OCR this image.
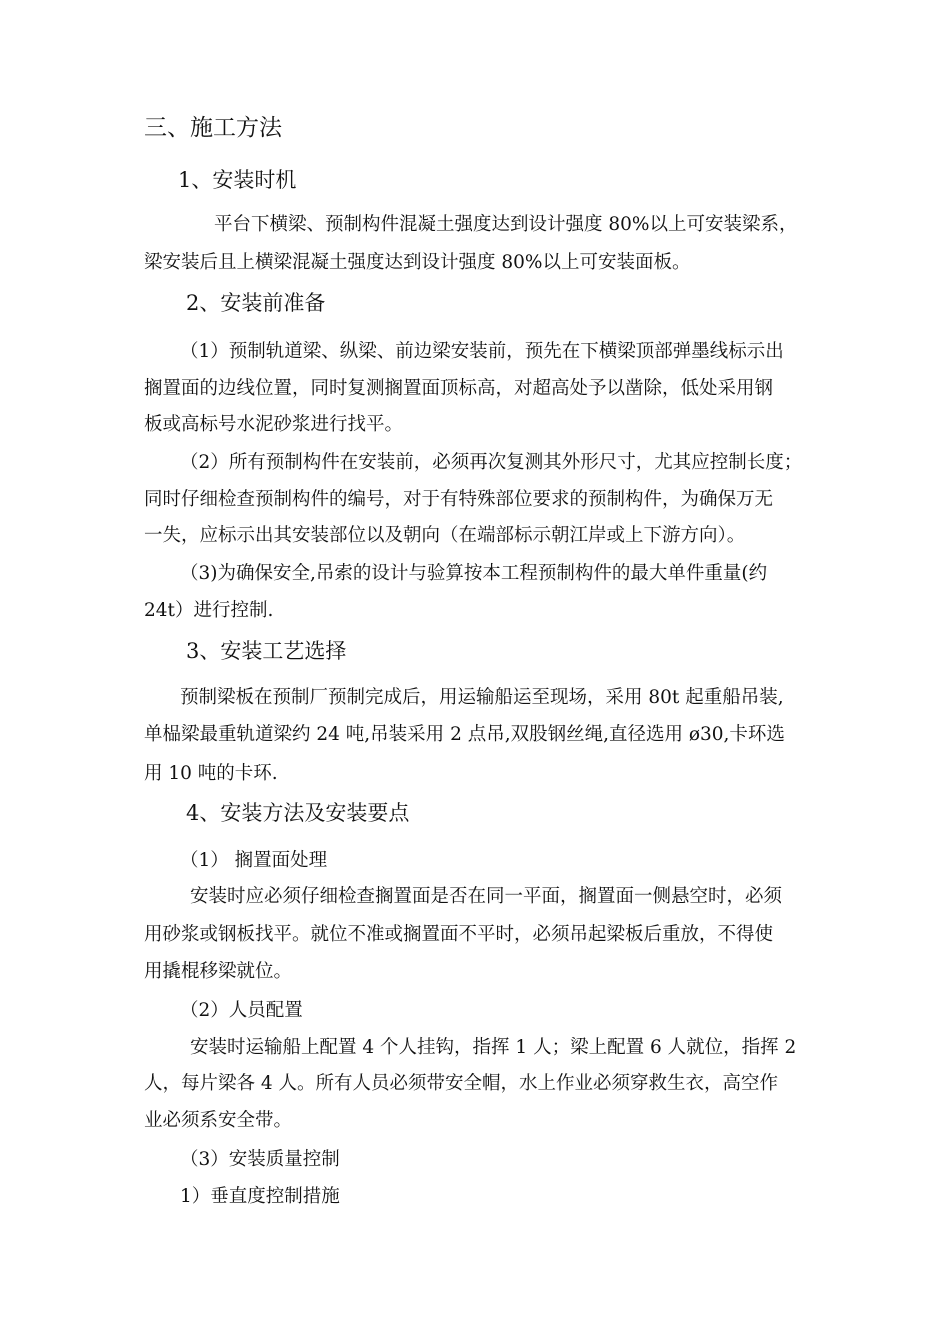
三、施工方法
1、安装时机
平台下横梁、预制构件混凝土强度达到设计强度 80%以上可安装梁系，
梁安装后且上横梁混凝土强度达到设计强度 80%以上可安装面板。
2、安装前准备
（1）预制轨道梁、纵梁、前边梁安装前，预先在下横梁顶部弹墨线标示出
搁置面的边线位置，同时复测搁置面顶标高，对超高处予以凿除，低处采用钢
板或高标号水泥砂浆进行找平。
（2）所有预制构件在安装前，必须再次复测其外形尺寸，尤其应控制长度；
同时仔细检查预制构件的编号，对于有特殊部位要求的预制构件，为确保万无
一失，应标示出其安装部位以及朝向（在端部标示朝江岸或上下游方向）。
（3)为确保安全,吊索的设计与验算按本工程预制构件的最大单件重量(约
24t）进行控制.
3、安装工艺选择
预制梁板在预制厂预制完成后，用运输船运至现场，采用 80t 起重船吊装,
单榀梁最重轨道梁约 24 吨,吊装采用 2 点吊,双股钢丝绳,直径选用 ø30,卡环选
用 10 吨的卡环.
4、安装方法及安装要点
（1） 搁置面处理
安装时应必须仔细检查搁置面是否在同一平面，搁置面一侧悬空时，必须
用砂浆或钢板找平。就位不准或搁置面不平时，必须吊起梁板后重放，不得使
用撬棍移梁就位。
（2）人员配置
安装时运输船上配置 4 个人挂钩，指挥 1 人；梁上配置 6 人就位，指挥 2
人，每片梁各 4 人。所有人员必须带安全帽，水上作业必须穿救生衣，高空作
业必须系安全带。
（3）安装质量控制
1）垂直度控制措施
